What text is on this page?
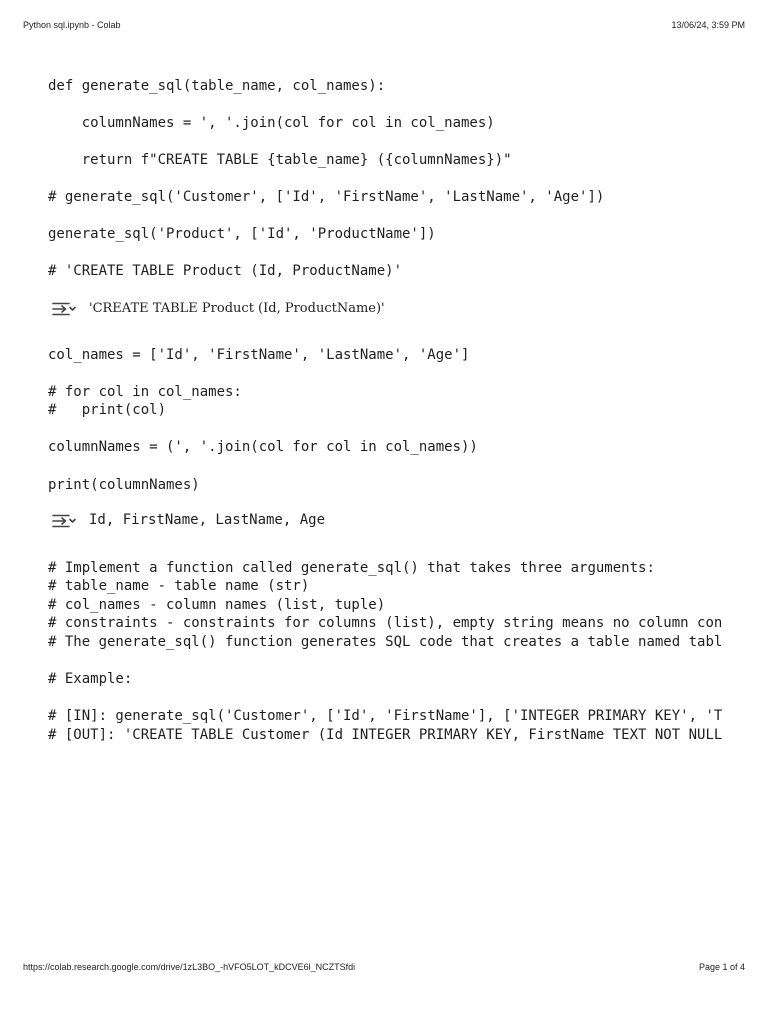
Python sql.ipynb - Colab	13/06/24, 3:59 PM
def generate_sql(table_name, col_names):
columnNames = ', '.join(col for col in col_names)
return f"CREATE TABLE {table_name} ({columnNames})"
# generate_sql('Customer', ['Id', 'FirstName', 'LastName', 'Age'])
generate_sql('Product', ['Id', 'ProductName'])
# 'CREATE TABLE Product (Id, ProductName)'
'CREATE TABLE Product (Id, ProductName)'
col_names = ['Id', 'FirstName', 'LastName', 'Age']
# for col in col_names:
#   print(col)
columnNames = (', '.join(col for col in col_names))
print(columnNames)
Id, FirstName, LastName, Age
# Implement a function called generate_sql() that takes three arguments:
# table_name - table name (str)
# col_names - column names (list, tuple)
# constraints - constraints for columns (list), empty string means no column con
# The generate_sql() function generates SQL code that creates a table named tabl
# Example:
# [IN]: generate_sql('Customer', ['Id', 'FirstName'], ['INTEGER PRIMARY KEY', 'T
# [OUT]: 'CREATE TABLE Customer (Id INTEGER PRIMARY KEY, FirstName TEXT NOT NULL
https://colab.research.google.com/drive/1zL3BO_-hVFO5LOT_kDCVE6l_NCZTSfdi	Page 1 of 4
